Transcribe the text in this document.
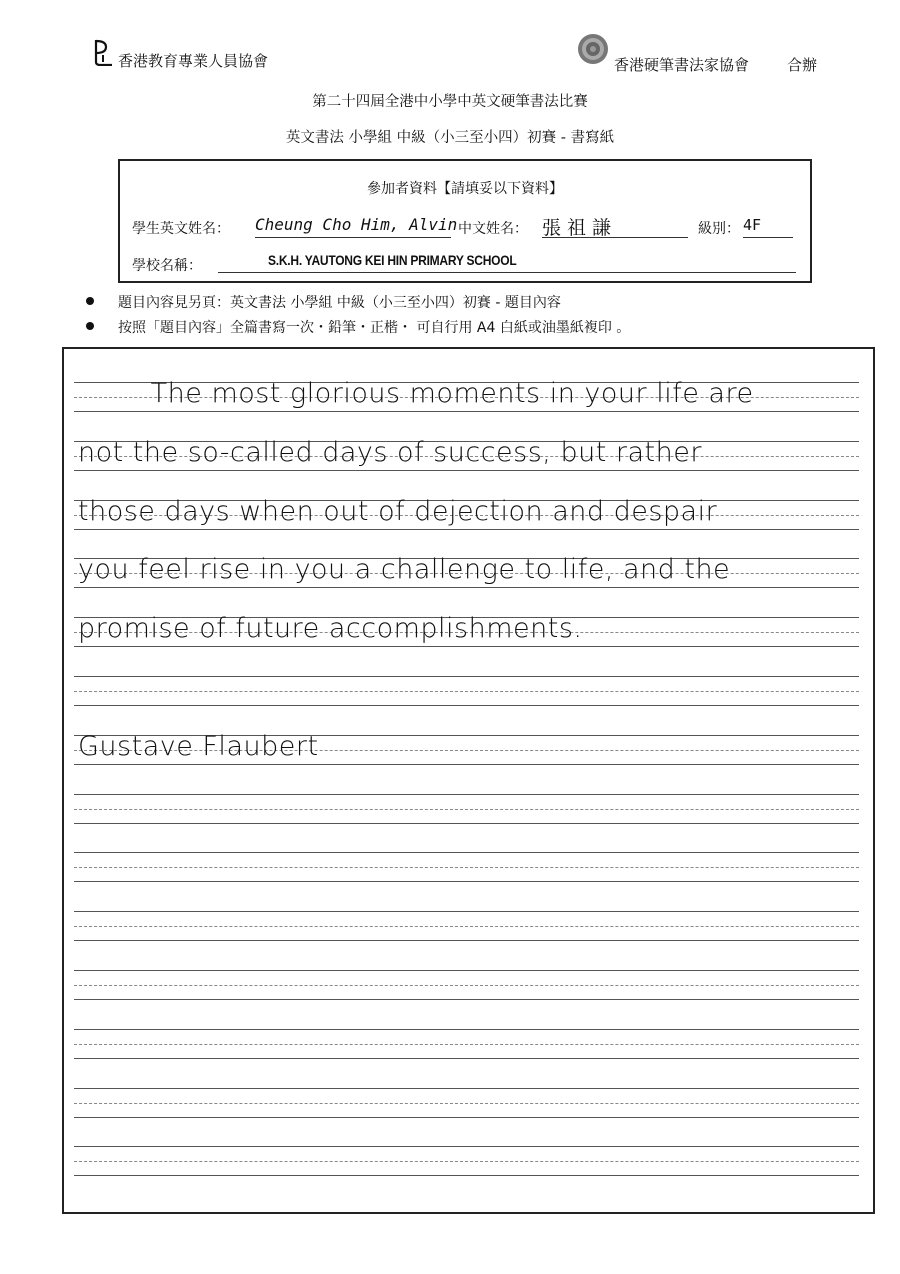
香港教育專業人員協會	香港硬筆書法家協會	合辦
第二十四屆全港中小學中英文硬筆書法比賽
英文書法 小學組 中級（小三至小四）初賽 - 書寫紙
參加者資料【請填妥以下資料】
學生英文姓名： Cheung Cho Him, Alvin 中文姓名： 張祖謙	級別： 4F
學校名稱：	S.K.H. YAUTONG KEI HIN PRIMARY SCHOOL
題目內容見另頁：英文書法 小學組 中級（小三至小四）初賽 - 題目內容
按照「題目內容」全篇書寫一次・鉛筆・正楷・ 可自行用 A4 白紙或油墨紙複印 。
The most glorious moments in your life are
not the so-called days of success, but rather
those days when out of dejection and despair
you feel rise in you a challenge to life, and the
promise of future accomplishments.
Gustave Flaubert
